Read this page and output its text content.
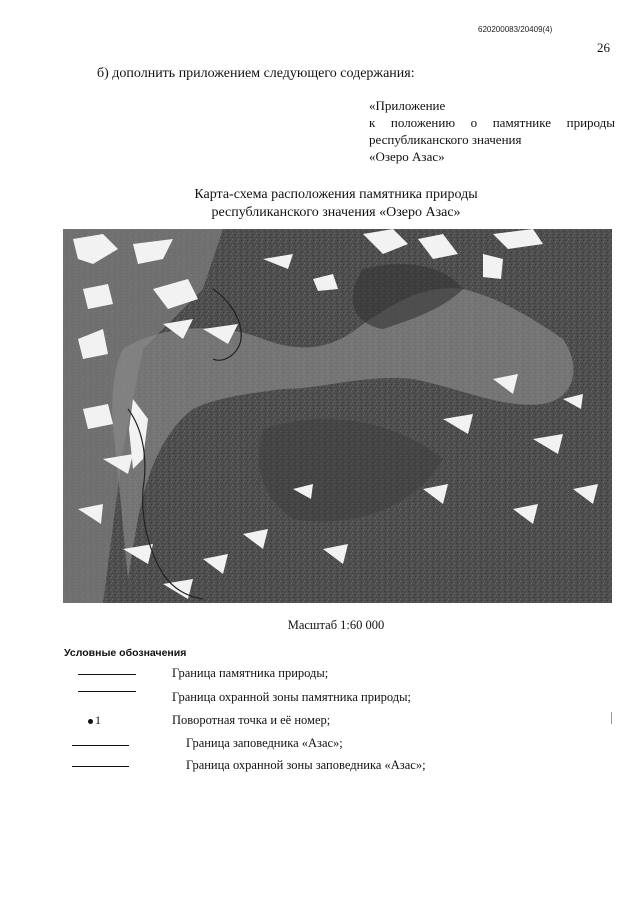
620200083/20409(4)
26
б) дополнить приложением следующего содержания:
«Приложение
к положению о памятнике природы
республиканского значения
«Озеро Азас»
Карта-схема расположения памятника природы
республиканского значения «Озеро Азас»
Масштаб 1:60 000
Условные обозначения
Граница памятника природы;
Граница охранной зоны памятника природы;
1	Поворотная точка и её номер;
Граница заповедника «Азас»;
Граница охранной зоны заповедника «Азас»;
